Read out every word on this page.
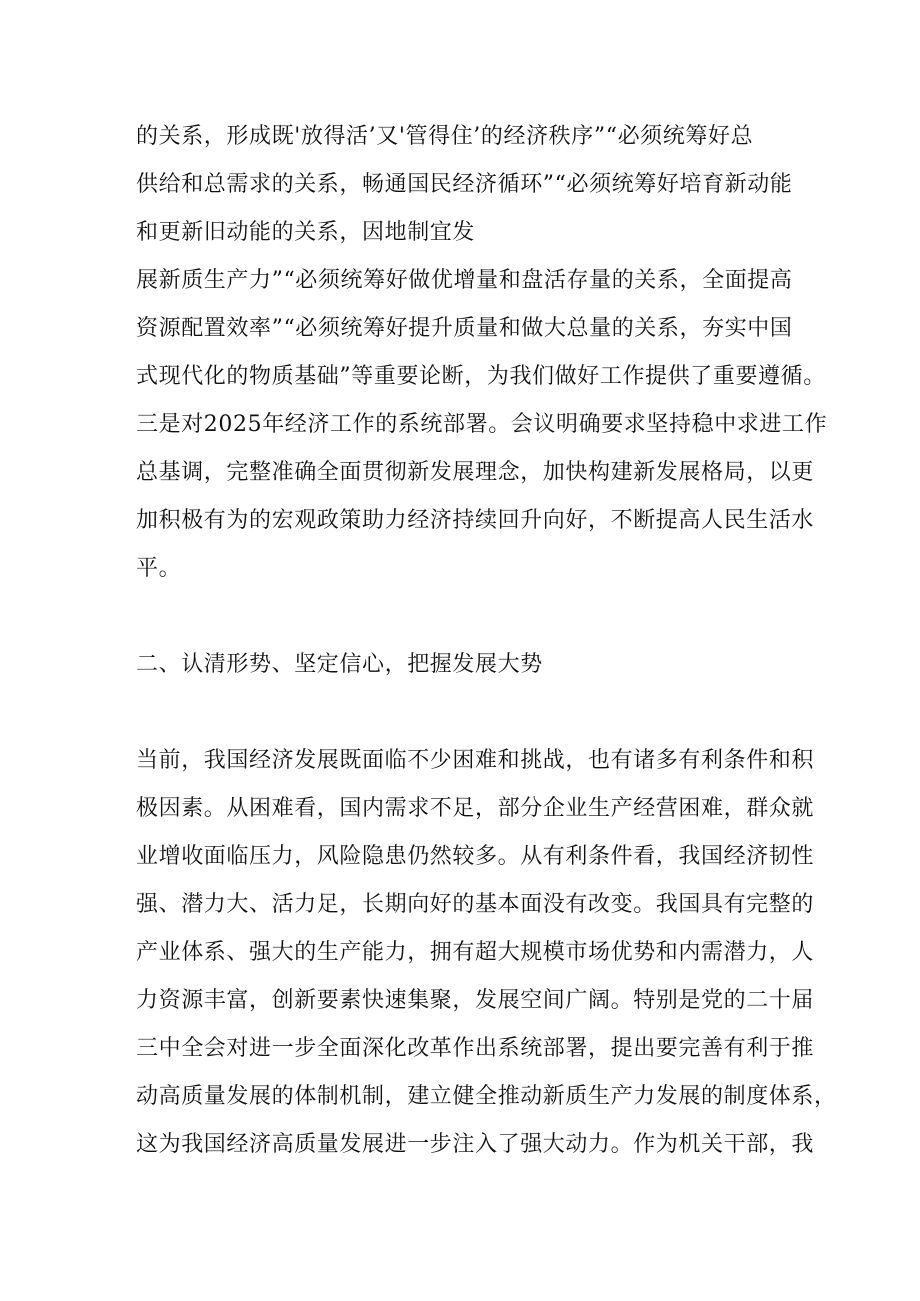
的关系，形成既'放得活’又'管得住’的经济秩序”“必须统筹好总

供给和总需求的关系，畅通国民经济循环”“必须统筹好培育新动能

和更新旧动能的关系，因地制宜发

展新质生产力”“必须统筹好做优增量和盘活存量的关系，全面提高

资源配置效率”“必须统筹好提升质量和做大总量的关系，夯实中国

式现代化的物质基础”等重要论断，为我们做好工作提供了重要遵循。

三是对2025年经济工作的系统部署。会议明确要求坚持稳中求进工作

总基调，完整准确全面贯彻新发展理念，加快构建新发展格局，以更

加积极有为的宏观政策助力经济持续回升向好，不断提高人民生活水

平。

二、认清形势、坚定信心，把握发展大势

当前，我国经济发展既面临不少困难和挑战，也有诸多有利条件和积

极因素。从困难看，国内需求不足，部分企业生产经营困难，群众就

业增收面临压力，风险隐患仍然较多。从有利条件看，我国经济韧性

强、潜力大、活力足，长期向好的基本面没有改变。我国具有完整的

产业体系、强大的生产能力，拥有超大规模市场优势和内需潜力，人

力资源丰富，创新要素快速集聚，发展空间广阔。特别是党的二十届

三中全会对进一步全面深化改革作出系统部署，提出要完善有利于推

动高质量发展的体制机制，建立健全推动新质生产力发展的制度体系，

这为我国经济高质量发展进一步注入了强大动力。作为机关干部，我
